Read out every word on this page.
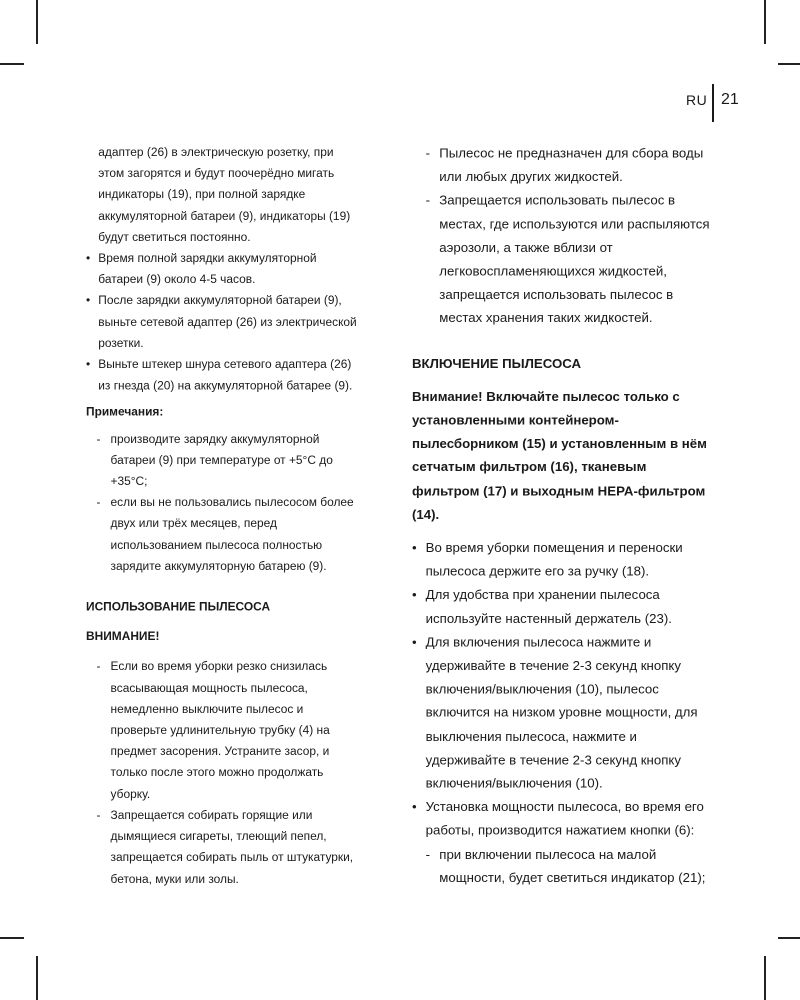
RU 21

адаптер (26) в электрическую розетку, при этом загорятся и будут поочерёдно мигать индикаторы (19), при полной зарядке аккумуляторной батареи (9), индикаторы (19) будут светиться постоянно.

• Время полной зарядки аккумуляторной батареи (9) около 4-5 часов.

• После зарядки аккумуляторной батареи (9), выньте сетевой адаптер (26) из электрической розетки.

• Выньте штекер шнура сетевого адаптера (26) из гнезда (20) на аккумуляторной батарее (9).

Примечания:

- производите зарядку аккумуляторной батареи (9) при температуре от +5°C до +35°C;

- если вы не пользовались пылесосом более двух или трёх месяцев, перед использованием пылесоса полностью зарядите аккумуляторную батарею (9).

ИСПОЛЬЗОВАНИЕ ПЫЛЕСОСА

ВНИМАНИЕ!

- Если во время уборки резко снизилась всасывающая мощность пылесоса, немедленно выключите пылесос и проверьте удлинительную трубку (4) на предмет засорения. Устраните засор, и только после этого можно продолжать уборку.

- Запрещается собирать горящие или дымящиеся сигареты, тлеющий пепел, запрещается собирать пыль от штукатурки, бетона, муки или золы.

- Пылесос не предназначен для сбора воды или любых других жидкостей.

- Запрещается использовать пылесос в местах, где используются или распыляются аэрозоли, а также вблизи от легковоспламеняющихся жидкостей, запрещается использовать пылесос в местах хранения таких жидкостей.

ВКЛЮЧЕНИЕ ПЫЛЕСОСА

Внимание! Включайте пылесос только с установленными контейнером-пылесборником (15) и установленным в нём сетчатым фильтром (16), тканевым фильтром (17) и выходным HEPA-фильтром (14).

• Во время уборки помещения и переноски пылесоса держите его за ручку (18).

• Для удобства при хранении пылесоса используйте настенный держатель (23).

• Для включения пылесоса нажмите и удерживайте в течение 2-3 секунд кнопку включения/выключения (10), пылесос включится на низком уровне мощности, для выключения пылесоса, нажмите и удерживайте в течение 2-3 секунд кнопку включения/выключения (10).

• Установка мощности пылесоса, во время его работы, производится нажатием кнопки (6):

- при включении пылесоса на малой мощности, будет светиться индикатор (21);
